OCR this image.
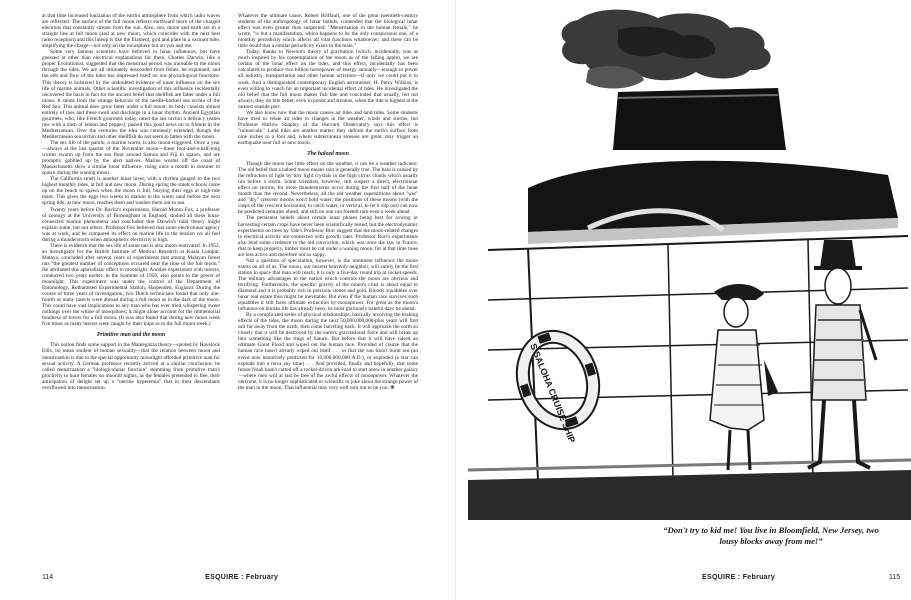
at that time increased ionization of the earth's atmosphere from which radio waves are reflected. The surface of the full moon reflects earthward more of the charged electrons that constantly stream from the sun. Also, sun, moon and earth are in a straight line at full moon (and at new moon, which coincides with the next best radio reception) and this lineup is like the filament, grid and plate in a vacuum tube, amplifying the charge—not only on the ionosphere but on you and me.

Some very famous scientists have believed in lunar influences, but have guessed at other than electrical explanations for them. Charles Darwin, like a proper Evolutionist, suggested that the menstrual period was traceable to the moon through the tides. We are all ultimately descended from fishes, he explained, and the ebb and flow of the tides has impressed itself on our physiological functions. This theory is bolstered by the undoubted evidence of lunar influence on the sex life of marine animals. Other scientific investigation of this influence incidentally uncovered the basis in fact for the ancient belief that shellfish are fatter under a full moon. It stems from the strange behavior of the needle-backed sea urchin of the Red Sea. This animal does grow fatter under a full moon; its body consists almost entirely of roes and these swell and discharge in a lunar rhythm. Ancient Egyptian gourmets, who, like French gourmets today, rated the sea urchin a delicacy (eaten raw with a dash of lemon and pepper), passed this good news on to friends in the Mediterranean. Over the centuries the idea was carelessly extended, though the Mediterranean sea urchin and other shellfish do not seem to fatten with the moon.

The sex life of the palolo, a marine worm, is also moon-triggered. Once a year—always at the last quarter of the November moon—these foot-and-a-half-long worms swarm up from the sea floor around Samoa and Fiji to spawn, and are promptly gobbled up by the alert natives. Marine worms off the coast of Massachusetts show a similar lunar influence, rising once a month in summer to spawn during the waning moon.

The California smelt is another lunar lover, with a rhythm gauged to the two highest monthly tides, at full and new moon. During spring the smelt schools come up on the beach to spawn when the moon is full, burying their eggs at high-tide mark. This gives the eggs two weeks to mature in the warm sand before the next spring tide, at new moon, reaches them and washes them out to sea.

Twenty years before Dr. Ravitz's experiments, Harold Munro Fox, a professor of zoology at the University of Birmingham in England, studied all these lunar-connected marine phenomena and concluded that Darwin's tidal theory might explain some, but not others. Professor Fox believed that some electrolunar agency was at work, and he compared its effect on marine life to the tension we all feel during a thunderstorm when atmospheric electricity is high.

There is evidence that the sex life of some rats is also moon-motivated. In 1952, an investigator for the British Institute of Medical Research at Kuala Lumpur, Malaya, concluded after several years of experiments that among Malayan forest rats "the greatest number of conceptions occurred near the time of the full moon." He attributed this aphrodisiac effect to moonlight. Another experiment with insects, conducted two years earlier, in the Summer of 1950, also points to the power of moonlight. This experiment was under the control of the Department of Entomology, Rothamsted Experimental Station, Harpenden, England. During the course of three years of investigation, two Dutch technicians found that only one-fourth as many insects were abroad during a full moon as in the dark of the moon. This could have vast implications to any man who has ever tried whispering sweet nothings over the whine of mosquitoes; it might alone account for the immemorial fondness of lovers for a full moon. (It was also found that during new moon week five times as many insects were caught by their traps as in the full moon week.)

Primitive man and the moon

This notion finds some support in the Mantegazza theory—quoted by Havelock Ellis, no mean student of human sexuality—that the relation between moon and menstruation is due to the special opportunity moonlight afforded primitive man for sexual activity. A German professor recently arrived at a similar conclusion: he called menstruation a "biologicolunar function" stemming from primitive man's proclivity to hunt females on moonlit nights; as the females pretended to flee, their anticipation of delight set up a "uterine hyperemia" that in their descendants overflowed into menstruation.

Whatever the ultimate cause, Robert Briffault, one of the great twentieth-century students of the anthropology of lunar beliefs, contended that the biological lunar effect was even greater than suspected: "Menstruation in the human female," he wrote, "is but a manifestation, which happens to be the only conspicuous one, of a monthly periodicity which affects all vital functions whatsoever; and there can be little doubt that a similar periodicity exists in the male."

Today, thanks to Newton's theory of gravitation (which, incidentally, was as much inspired by his contemplation of the moon as of the falling apple), we are certain of the lunar effect on the tides, and this effect, incidentally has been calculated to produce two billion horsepower of energy annually—enough to power all industry, transportation and other human activities—if only we could put it to work. And a distinguished contemporary English astronomer, H. Percy Wilkins, is even willing to vouch for an important incidental effect of tides. He investigated the old belief that the full moon makes fish bite and concluded that usually, but not always, they do bite better, even in ponds and streams, when the tide is highest at the nearest seaside port.

We also know now that the moon causes air tides and land tides. Some students have tried to relate air tides to changes in the weather, winds and storms, but Professor Harlow Shapley of the Harvard Observatory says this effect is "minuscule." Land tides are another matter; they deform the earth's surface from nine inches to a foot and, where subterranean stresses are great, may trigger an earthquake near full or new moon.

The haloed moon

Though the moon has little effect on the weather, it can be a weather indicator. The old belief that a haloed moon means rain is generally true. The halo is caused by the refraction of light by tiny light crystals in the high cirrus clouds which usually run before a storm. Some scientists, however, still suspect a direct, electrolunar effect on storms, for more thunderstorms occur during the first half of the lunar month than the second. Nevertheless, all the old weather superstitions about "wet" and "dry" crescent moons won't hold water; the positions of these moons (with the cusps of the crescent horizontal, to catch water, or vertical, to let it slip out) can now be predicted centuries ahead, and still no one can foretell rain even a week ahead.

The persistent beliefs about certain lunar phases being best for sowing or harvesting certain crops have never been scientifically tested, but the electrodynamic experiments on trees by Yale's Professor Burr suggest that the moon-related changes in electrical activity are connected with growth rates. Professor Burr's experiments also lend some credence to the old conviction, which was once the law in France, that to keep properly, timber must be cut under a waning moon, for at that time trees are less active and therefore not so sappy.

Not a question of speculation, however, is the imminent influence the moon exerts on all of us. The moon, our nearest heavenly neighbor, will surely be the first station in space that man will reach; it is only a five-day round trip at rocket speeds. The military advantages to the nation which controls the moon are obvious and terrifying. Furthermore, the specific gravity of the moon's crust is about equal to diamond and it is probably rich in precious stones and gold. Bloody squabbles over lunar real estate thus might be inevitable. But even if the human race survives such squabbles it still faces ultimate extinction by moonpower. For great as the moon's influence on human life has already been, its most gloriously baleful days lie ahead.

By a complicated series of physical relationships, basically involving the braking effects of the tides, the moon during the next 50,000,000,000-plus years will first sail far away from the earth, then come barreling back. It will approach the earth so closely that it will be destroyed by the earth's gravitational force and will break up into something like the rings of Saturn. But before that it will have raised an ultimate Great Flood and wiped out the human race. Provided of course that the human race hasn't already wiped out itself . . . or that the sun hasn't burnt out (an event now tentatively predicted for 10,000,000,000 A.D.), or exploded (a star can explode into a nova any time) . . . And provided, finally and hopefully, that some future Noah hasn't carted off a rocket-driven ark-load to start anew in another galaxy—where men will at last be free of the awful effects of moonpower. Whatever the outcome, it is no longer sophisticated or scientific to joke about the strange power of the man in the moon. That influential may very well turn out to be you. ❋	S SALOHA CRUISE SHIP
“Don't try to kid me! You live in Bloomfield, New Jersey, two lousy blocks away from me!”
114	ESQUIRE : February	ESQUIRE : February	115
